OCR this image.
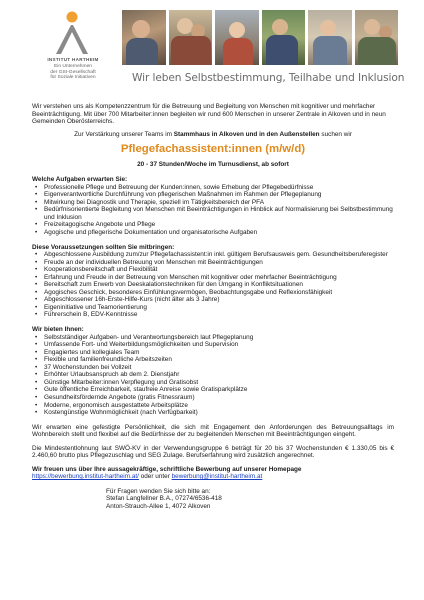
INSTITUT HARTHEIM
Ein Unternehmen
der GSI-Gesellschaft
für Soziale Initiativen	Wir leben Selbstbestimmung, Teilhabe und Inklusion

Wir verstehen uns als Kompetenzzentrum für die Betreuung und Begleitung von Menschen mit kognitiver und mehrfacher Beeinträchtigung. Mit über 700 Mitarbeiter:innen begleiten wir rund 600 Menschen in unserer Zentrale in Alkoven und in neun Gemeinden Oberösterreichs.

Zur Verstärkung unserer Teams im Stammhaus in Alkoven und in den Außenstellen suchen wir

Pflegefachassistent:innen (m/w/d)
20 - 37 Stunden/Woche im Turnusdienst, ab sofort
Welche Aufgaben erwarten Sie:
• Professionelle Pflege und Betreuung der Kunden:innen, sowie Erhebung der Pflegebedürfnisse
• Eigenverantwortliche Durchführung von pflegerischen Maßnahmen im Rahmen der Pflegeplanung
• Mitwirkung bei Diagnostik und Therapie, speziell im Tätigkeitsbereich der PFA
• Bedürfnisorientierte Begleitung von Menschen mit Beeinträchtigungen in Hinblick auf Normalisierung bei Selbstbestimmung und Inklusion
• Freizeitagogische Angebote und Pflege
• Agogische und pflegerische Dokumentation und organisatorische Aufgaben
Diese Voraussetzungen sollten Sie mitbringen:
• Abgeschlossene Ausbildung zum/zur Pflegefachassistent:in inkl. gültigem Berufsausweis gem. Gesundheitsberuferegister
• Freude an der individuellen Betreuung von Menschen mit Beeinträchtigungen
• Kooperationsbereitschaft und Flexibilität
• Erfahrung und Freude in der Betreuung von Menschen mit kognitiver oder mehrfacher Beeinträchtigung
• Bereitschaft zum Erwerb von Deeskalationstechniken für den Umgang in Konfliktsituationen
• Agogisches Geschick, besonderes Einfühlungsvermögen, Beobachtungsgabe und Reflexionsfähigkeit
• Abgeschlossener 16h-Erste-Hilfe-Kurs (nicht älter als 3 Jahre)
• Eigeninitiative und Teamorientierung
• Führerschein B, EDV-Kenntnisse
Wir bieten Ihnen:
• Selbstständiger Aufgaben- und Verantwortungsbereich laut Pflegeplanung
• Umfassende Fort- und Weiterbildungsmöglichkeiten und Supervision
• Engagiertes und kollegiales Team
• Flexible und familienfreundliche Arbeitszeiten
• 37 Wochenstunden bei Vollzeit
• Erhöhter Urlaubsanspruch ab dem 2. Dienstjahr
• Günstige Mitarbeiter:innen Verpflegung und Gratisobst
• Gute öffentliche Erreichbarkeit, staufreie Anreise sowie Gratisparkplätze
• Gesundheitsfördernde Angebote (gratis Fitnessraum)
• Moderne, ergonomisch ausgestattete Arbeitsplätze
• Kostengünstige Wohnmöglichkeit (nach Verfügbarkeit)

Wir erwarten eine gefestigte Persönlichkeit, die sich mit Engagement den Anforderungen des Betreuungsalltags im Wohnbereich stellt und flexibel auf die Bedürfnisse der zu begleitenden Menschen mit Beeinträchtigungen eingeht.

Die Mindestentlohnung laut SWÖ-KV in der Verwendungsgruppe 6 beträgt für 20 bis 37 Wochenstunden € 1.330,05 bis € 2.460,60 brutto plus Pflegezuschlag und SEG Zulage. Berufserfahrung wird zusätzlich angerechnet.

Wir freuen uns über Ihre aussagekräftige, schriftliche Bewerbung auf unserer Homepage

https://bewerbung.institut-hartheim.at/ oder unter bewerbung@institut-hartheim.at

Für Fragen wenden Sie sich bitte an:
Stefan Langfellner B.A., 07274/6536-418
Anton-Strauch-Allee 1, 4072 Alkoven
